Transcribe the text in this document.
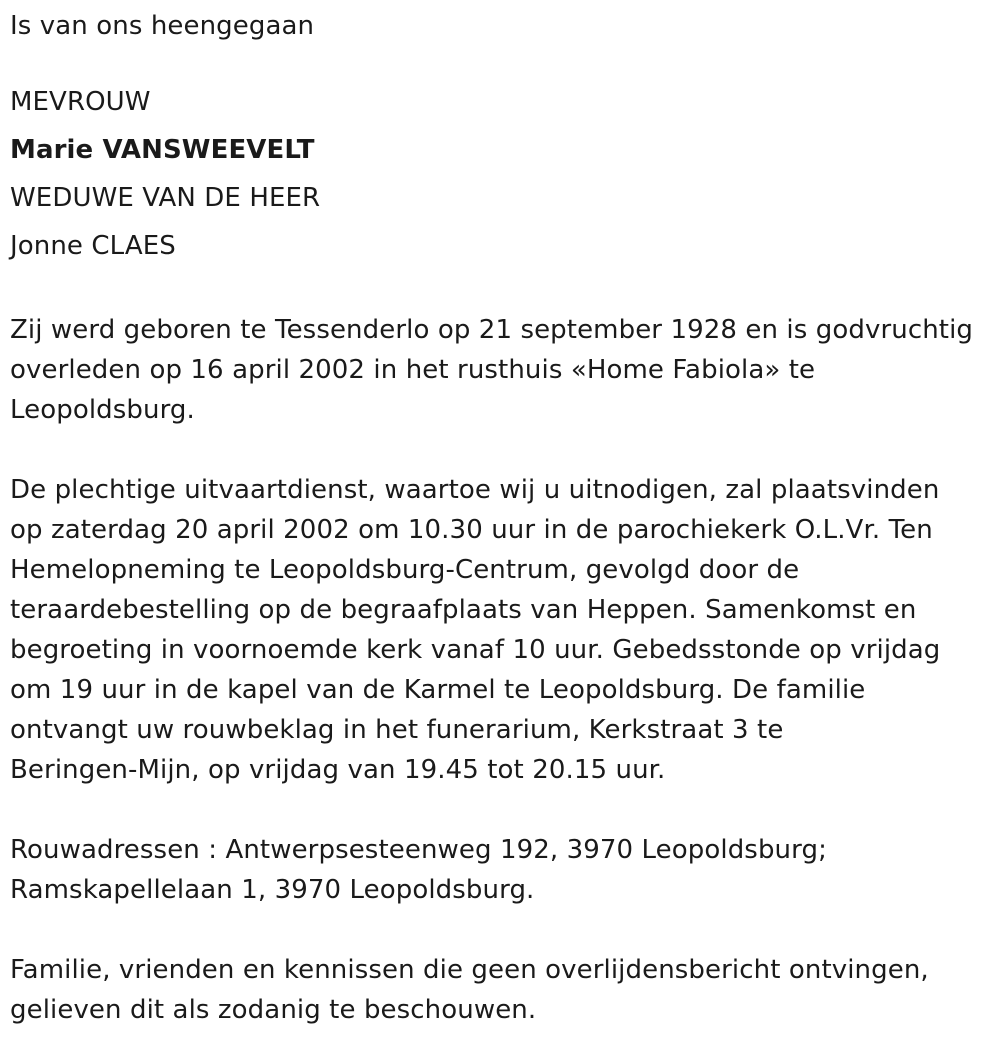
Is van ons heengegaan
MEVROUW
Marie VANSWEEVELT
WEDUWE VAN DE HEER
Jonne CLAES
Zij werd geboren te Tessenderlo op 21 september 1928 en is godvruchtig
overleden op 16 april 2002 in het rusthuis «Home Fabiola» te
Leopoldsburg.
De plechtige uitvaartdienst, waartoe wij u uitnodigen, zal plaatsvinden
op zaterdag 20 april 2002 om 10.30 uur in de parochiekerk O.L.Vr. Ten
Hemelopneming te Leopoldsburg-Centrum, gevolgd door de
teraardebestelling op de begraafplaats van Heppen. Samenkomst en
begroeting in voornoemde kerk vanaf 10 uur. Gebedsstonde op vrijdag
om 19 uur in de kapel van de Karmel te Leopoldsburg. De familie
ontvangt uw rouwbeklag in het funerarium, Kerkstraat 3 te
Beringen-Mijn, op vrijdag van 19.45 tot 20.15 uur.
Rouwadressen : Antwerpsesteenweg 192, 3970 Leopoldsburg;
Ramskapellelaan 1, 3970 Leopoldsburg.
Familie, vrienden en kennissen die geen overlijdensbericht ontvingen,
gelieven dit als zodanig te beschouwen.
